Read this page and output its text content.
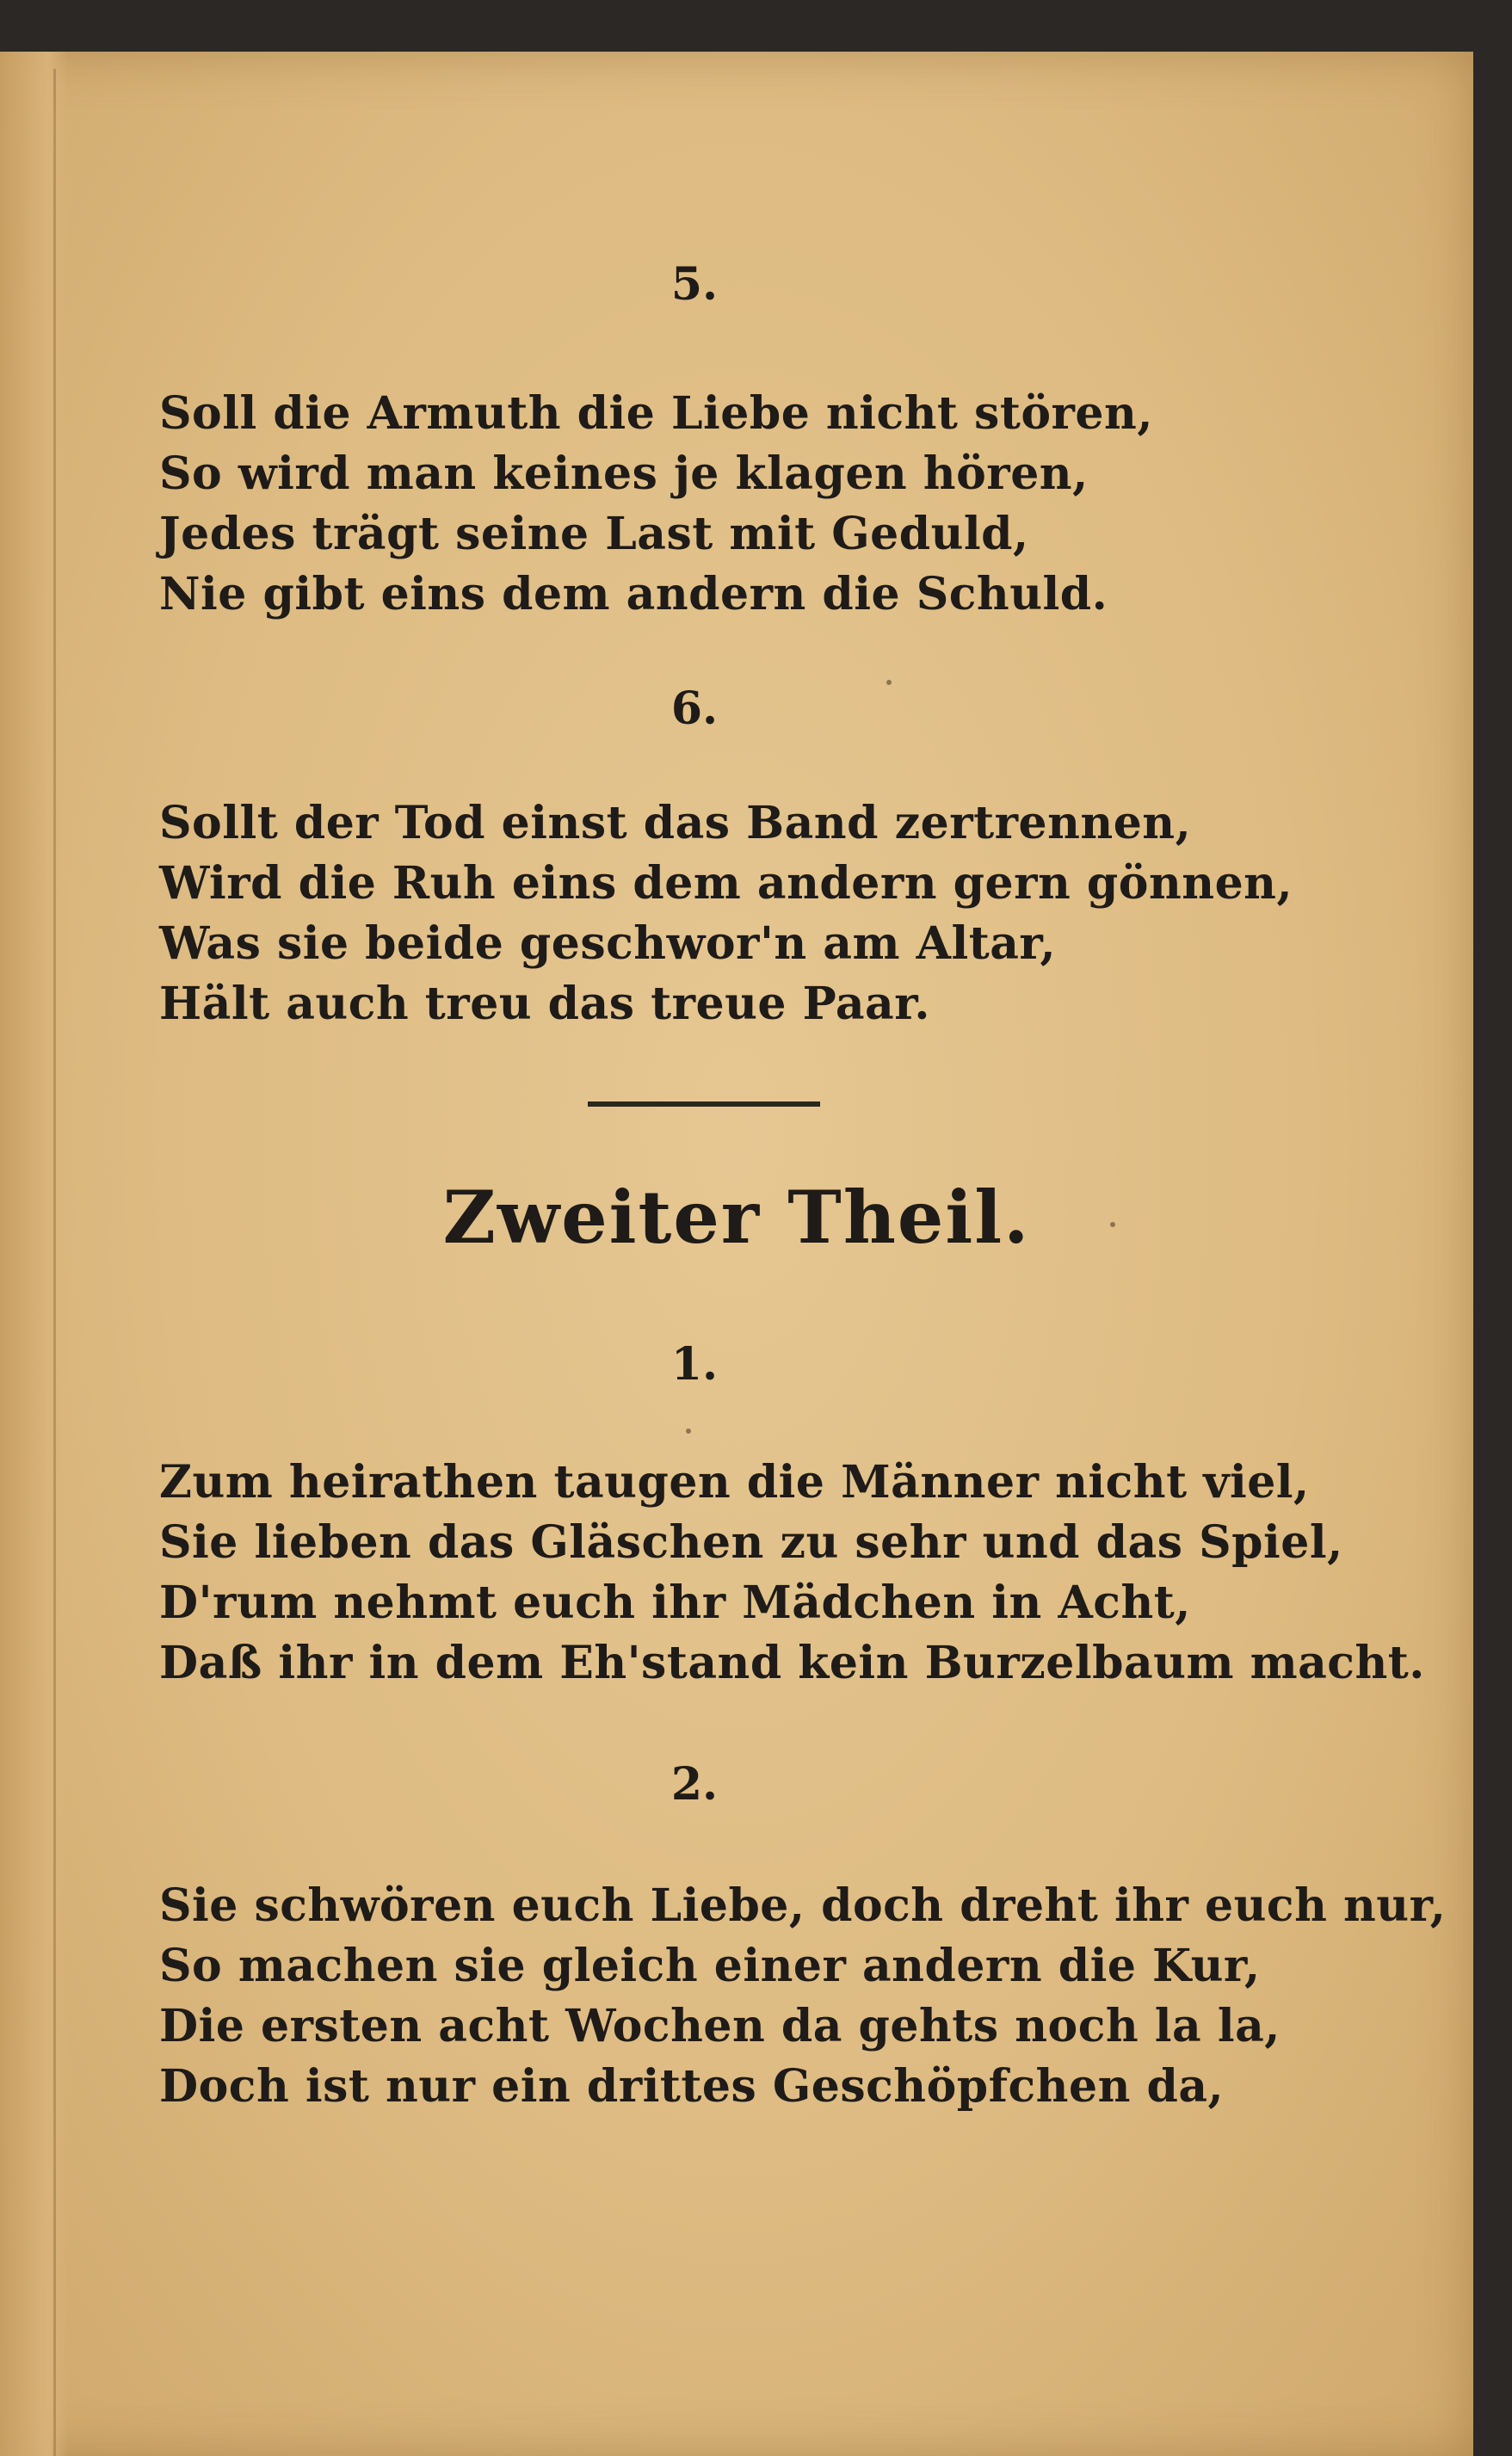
5.
Soll die Armuth die Liebe nicht stören,
So wird man keines je klagen hören,
Jedes trägt seine Last mit Geduld,
Nie gibt eins dem andern die Schuld.
6.
Sollt der Tod einst das Band zertrennen,
Wird die Ruh eins dem andern gern gönnen,
Was sie beide geschwor'n am Altar,
Hält auch treu das treue Paar.
Zweiter Theil.
1.
Zum heirathen taugen die Männer nicht viel,
Sie lieben das Gläschen zu sehr und das Spiel,
D'rum nehmt euch ihr Mädchen in Acht,
Daß ihr in dem Eh'stand kein Burzelbaum macht.
2.
Sie schwören euch Liebe, doch dreht ihr euch nur,
So machen sie gleich einer andern die Kur,
Die ersten acht Wochen da gehts noch la la,
Doch ist nur ein drittes Geschöpfchen da,
